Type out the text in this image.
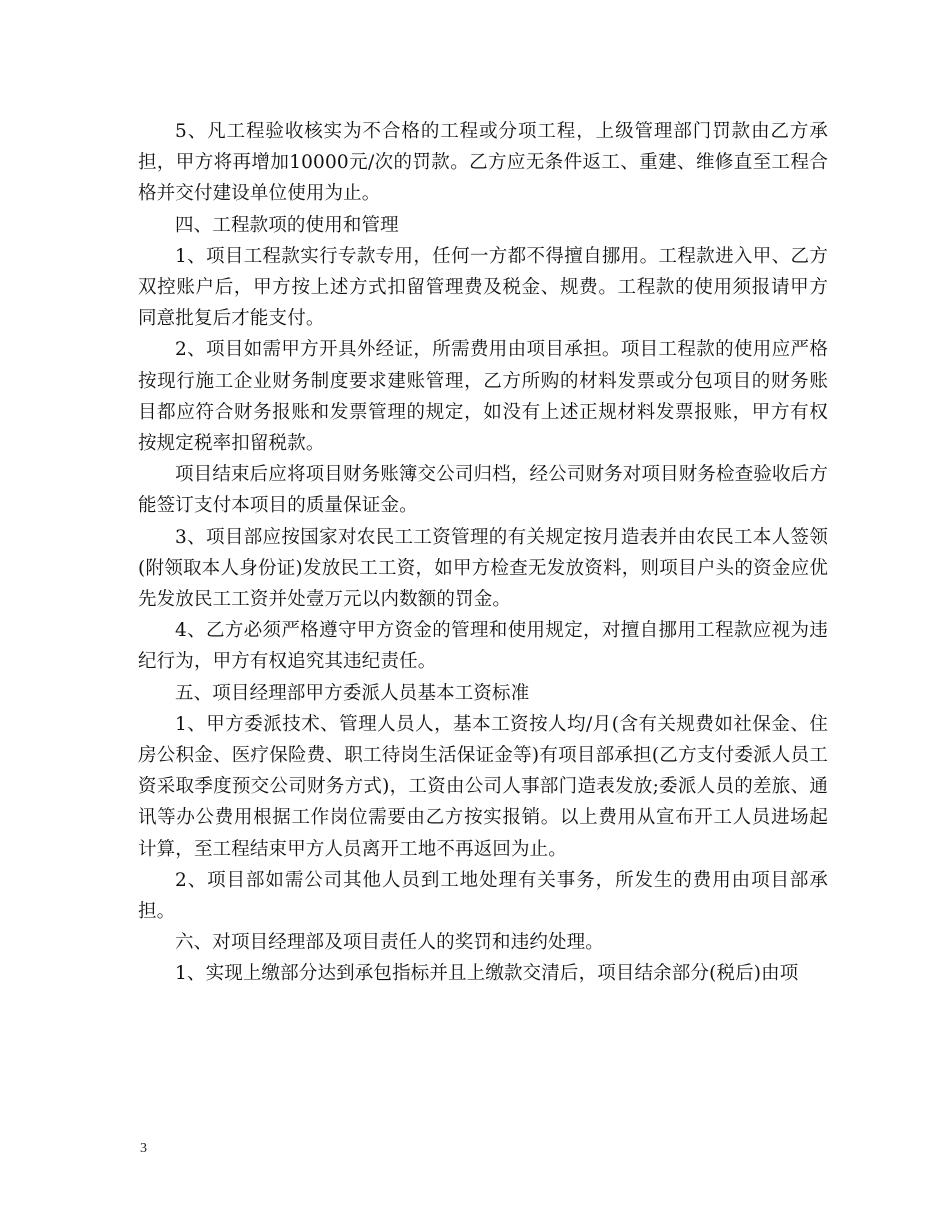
5、凡工程验收核实为不合格的工程或分项工程，上级管理部门罚款由乙方承担，甲方将再增加10000元/次的罚款。乙方应无条件返工、重建、维修直至工程合格并交付建设单位使用为止。

四、工程款项的使用和管理

1、项目工程款实行专款专用，任何一方都不得擅自挪用。工程款进入甲、乙方双控账户后，甲方按上述方式扣留管理费及税金、规费。工程款的使用须报请甲方同意批复后才能支付。

2、项目如需甲方开具外经证，所需费用由项目承担。项目工程款的使用应严格按现行施工企业财务制度要求建账管理，乙方所购的材料发票或分包项目的财务账目都应符合财务报账和发票管理的规定，如没有上述正规材料发票报账，甲方有权按规定税率扣留税款。

项目结束后应将项目财务账簿交公司归档，经公司财务对项目财务检查验收后方能签订支付本项目的质量保证金。

3、项目部应按国家对农民工工资管理的有关规定按月造表并由农民工本人签领(附领取本人身份证)发放民工工资，如甲方检查无发放资料，则项目户头的资金应优先发放民工工资并处壹万元以内数额的罚金。

4、乙方必须严格遵守甲方资金的管理和使用规定，对擅自挪用工程款应视为违纪行为，甲方有权追究其违纪责任。

五、项目经理部甲方委派人员基本工资标准

1、甲方委派技术、管理人员人，基本工资按人均/月(含有关规费如社保金、住房公积金、医疗保险费、职工待岗生活保证金等)有项目部承担(乙方支付委派人员工资采取季度预交公司财务方式)，工资由公司人事部门造表发放;委派人员的差旅、通讯等办公费用根据工作岗位需要由乙方按实报销。以上费用从宣布开工人员进场起计算，至工程结束甲方人员离开工地不再返回为止。

2、项目部如需公司其他人员到工地处理有关事务，所发生的费用由项目部承担。

六、对项目经理部及项目责任人的奖罚和违约处理。

1、实现上缴部分达到承包指标并且上缴款交清后，项目结余部分(税后)由项

3
